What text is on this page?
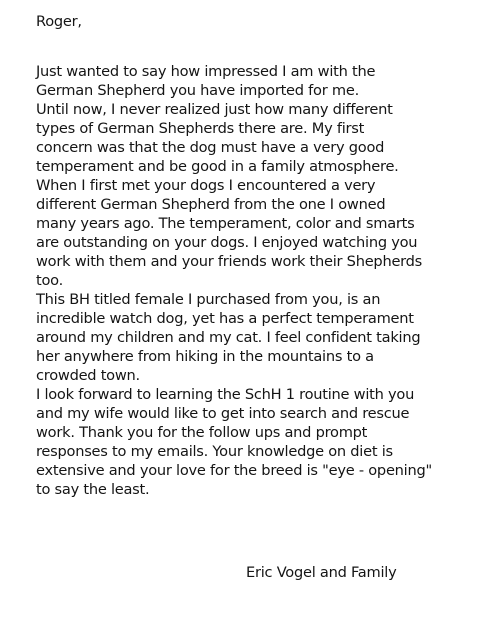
Roger,
Just wanted to say how impressed I am with the
German Shepherd you have imported for me.
Until now, I never realized just how many different
types of German Shepherds there are. My first
concern was that the dog must have a very good
temperament and be good in a family atmosphere.
When I first met your dogs I encountered a very
different German Shepherd from the one I owned
many years ago. The temperament, color and smarts
are outstanding on your dogs. I enjoyed watching you
work with them and your friends work their Shepherds
too.
This BH titled female I purchased from you, is an
incredible watch dog, yet has a perfect temperament
around my children and my cat. I feel confident taking
her anywhere from hiking in the mountains to a
crowded town.
I look forward to learning the SchH 1 routine with you
and my wife would like to get into search and rescue
work. Thank you for the follow ups and prompt
responses to my emails. Your knowledge on diet is
extensive and your love for the breed is "eye - opening"
to say the least.
Eric Vogel and Family
